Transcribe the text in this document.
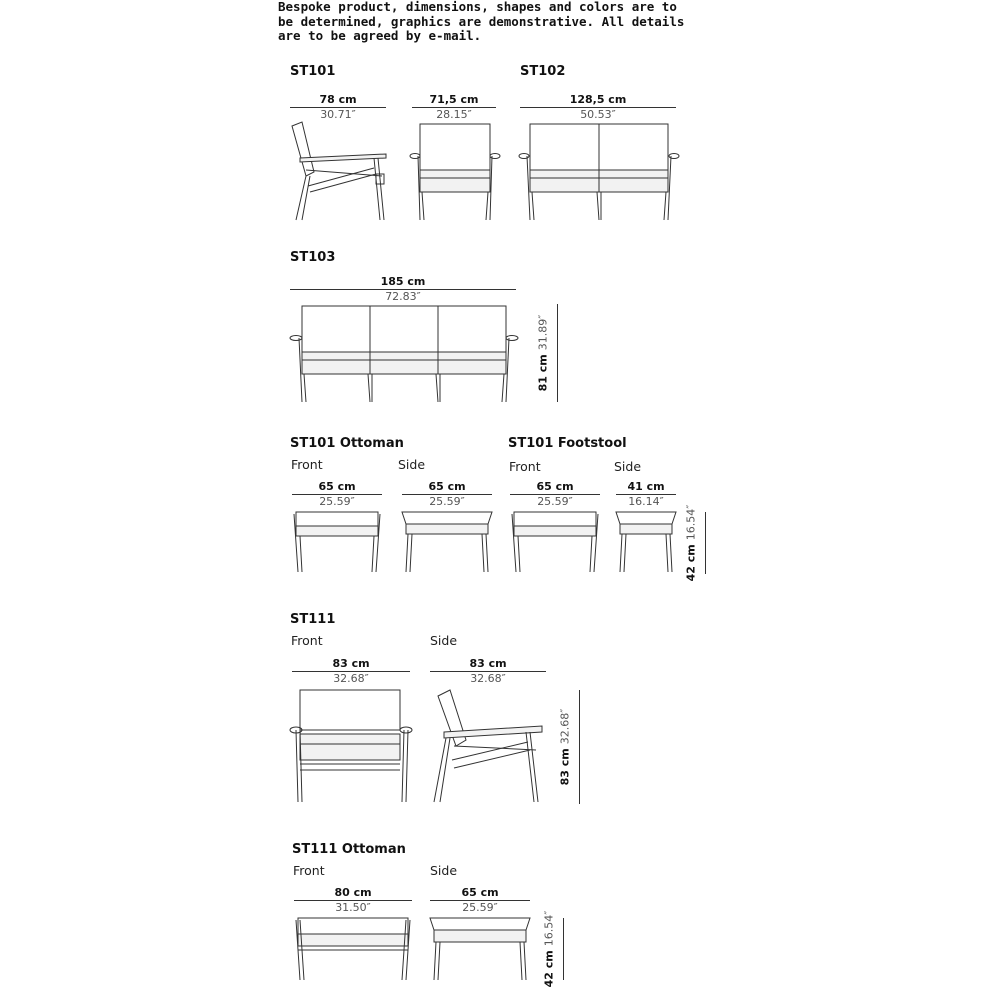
Bespoke product, dimensions, shapes and colors are to be determined, graphics are demonstrative. All details are to be agreed by e-mail.
ST101
78 cm
30.71″
71,5 cm
28.15″
ST102
128,5 cm
50.53″
ST103
185 cm
72.83″
81 cm31.89″
ST101 Ottoman
Front	Side
65 cm
25.59″
65 cm
25.59″
ST101 Footstool
Front	Side
65 cm
25.59″
41 cm
16.14″
42 cm16.54″
ST111
Front	Side
83 cm
32.68″
83 cm
32.68″
83 cm32.68″
ST111 Ottoman
Front	Side
80 cm
31.50″
65 cm
25.59″
42 cm16.54″
